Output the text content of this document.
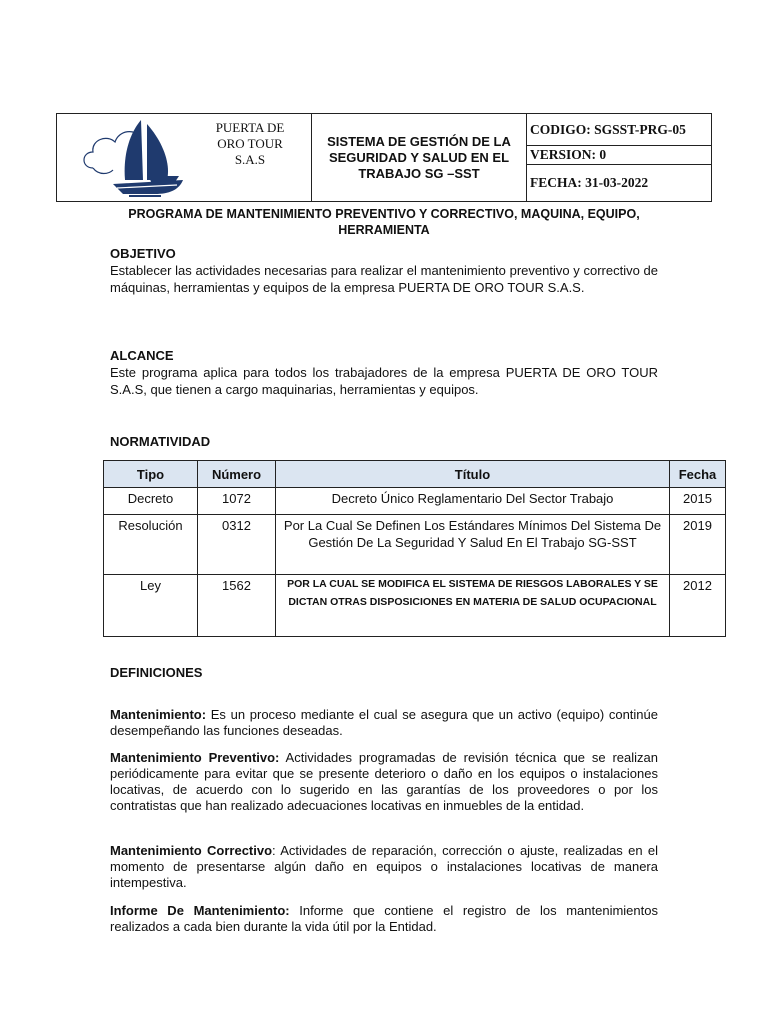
PUERTA DE ORO TOUR S.A.S
	SISTEMA DE GESTIÓN DE LA SEGURIDAD Y SALUD EN EL TRABAJO SG –SST	CODIGO: SGSST-PRG-05
VERSION: 0
FECHA: 31-03-2022
PROGRAMA DE MANTENIMIENTO PREVENTIVO Y CORRECTIVO, MAQUINA, EQUIPO, HERRAMIENTA
OBJETIVO
Establecer las actividades necesarias para realizar el mantenimiento preventivo y correctivo de máquinas, herramientas y equipos de la empresa PUERTA DE ORO TOUR S.A.S.
ALCANCE
Este programa aplica para todos los trabajadores de la empresa PUERTA DE ORO TOUR S.A.S, que tienen a cargo maquinarias, herramientas y equipos.
NORMATIVIDAD
Tipo	Número	Título	Fecha
Decreto	1072	Decreto Único Reglamentario Del Sector Trabajo	2015
Resolución	0312	Por La Cual Se Definen Los Estándares Mínimos Del Sistema De Gestión De La Seguridad Y Salud En El Trabajo SG-SST	2019
Ley	1562	POR LA CUAL SE MODIFICA EL SISTEMA DE RIESGOS LABORALES Y SE DICTAN OTRAS DISPOSICIONES EN MATERIA DE SALUD OCUPACIONAL	2012
DEFINICIONES
Mantenimiento: Es un proceso mediante el cual se asegura que un activo (equipo) continúe desempeñando las funciones deseadas.
Mantenimiento Preventivo: Actividades programadas de revisión técnica que se realizan periódicamente para evitar que se presente deterioro o daño en los equipos o instalaciones locativas, de acuerdo con lo sugerido en las garantías de los proveedores o por los contratistas que han realizado adecuaciones locativas en inmuebles de la entidad.
Mantenimiento Correctivo: Actividades de reparación, corrección o ajuste, realizadas en el momento de presentarse algún daño en equipos o instalaciones locativas de manera intempestiva.
Informe De Mantenimiento: Informe que contiene el registro de los mantenimientos realizados a cada bien durante la vida útil por la Entidad.
